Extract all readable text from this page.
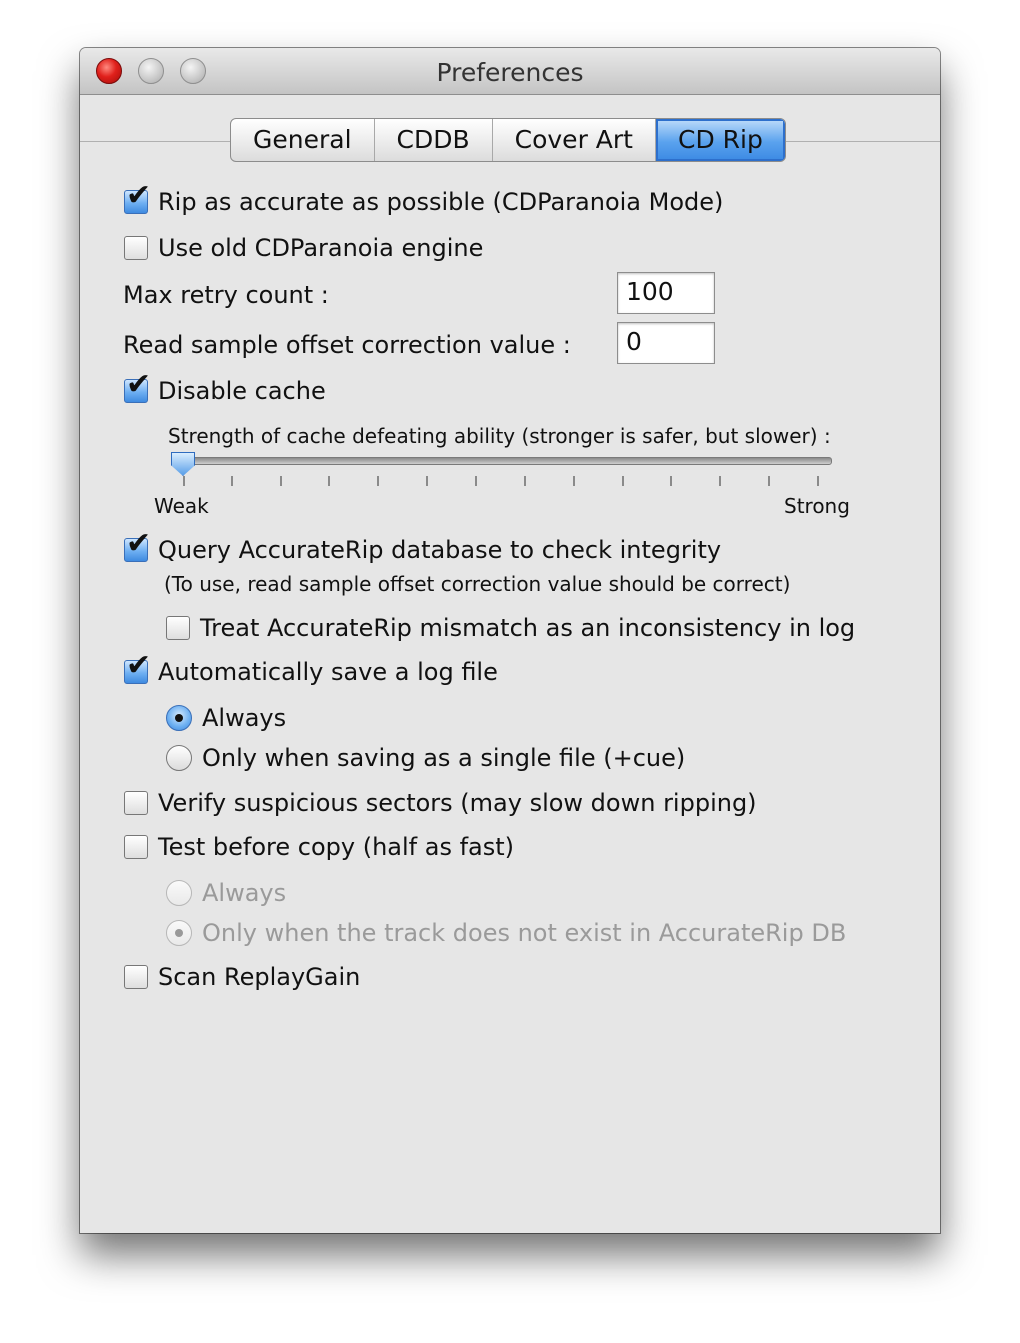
Preferences
General	CDDB	Cover Art	CD Rip
✔ Rip as accurate as possible (CDParanoia Mode)
Use old CDParanoia engine
Max retry count :	100
Read sample offset correction value :	0
✔ Disable cache
Strength of cache defeating ability (stronger is safer, but slower) :
Weak	Strong
✔ Query AccurateRip database to check integrity
(To use, read sample offset correction value should be correct)
Treat AccurateRip mismatch as an inconsistency in log
✔ Automatically save a log file
Always
Only when saving as a single file (+cue)
Verify suspicious sectors (may slow down ripping)
Test before copy (half as fast)
Always
Only when the track does not exist in AccurateRip DB
Scan ReplayGain
